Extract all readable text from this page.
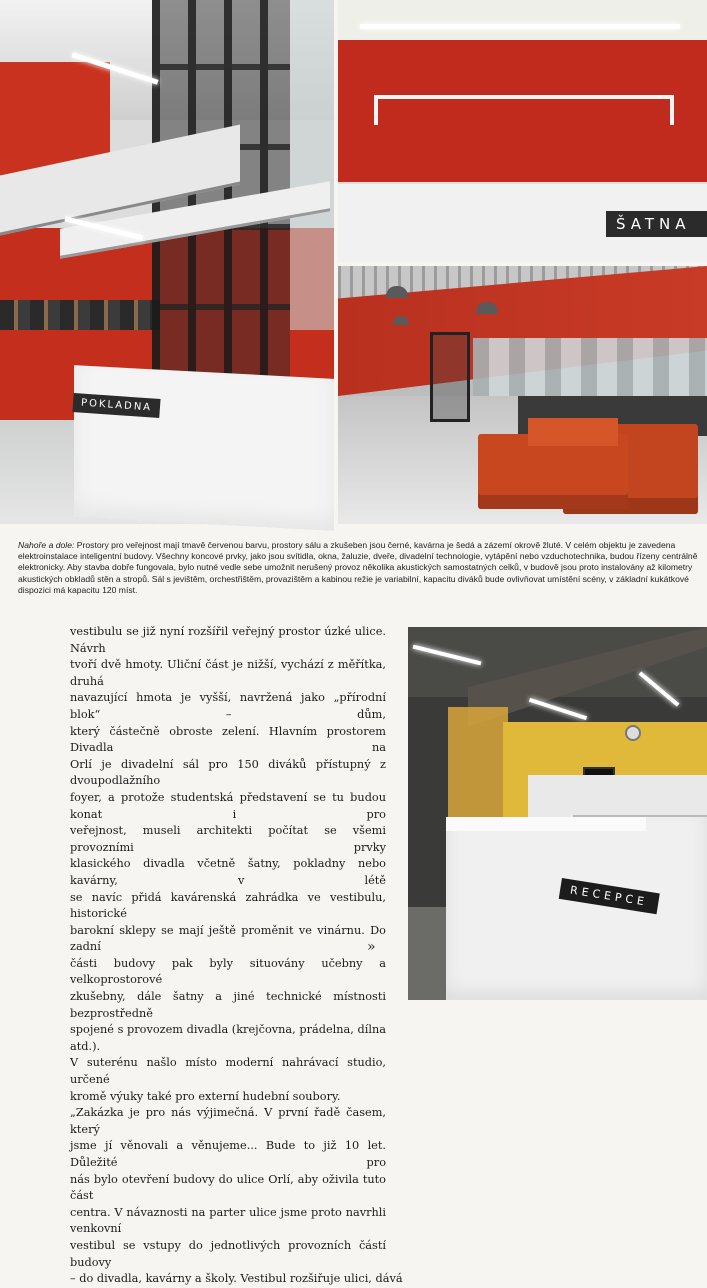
POKLADNA
ŠATNA
Nahoře a dole: Prostory pro veřejnost mají tmavě červenou barvu, prostory sálu a zkušeben jsou černé, kavárna je šedá a zázemí okrově žluté. V celém objektu je zavedena elektroinstalace inteligentní budovy. Všechny koncové prvky, jako jsou svítidla, okna, žaluzie, dveře, divadelní technologie, vytápění nebo vzduchotechnika, budou řízeny centrálně elektronicky. Aby stavba dobře fungovala, bylo nutné vedle sebe umožnit nerušený provoz několika akustických samostatných celků, v budově jsou proto instalovány až kilometry akustických obkladů stěn a stropů. Sál s jevištěm, orchestřištěm, provazištěm a kabinou režie je variabilní, kapacitu diváků bude ovlivňovat umístění scény, v základní kukátkové dispozici má kapacitu 120 míst.

vestibulu se již nyní rozšířil veřejný prostor úzké ulice. Návrh
tvoří dvě hmoty. Uliční část je nižší, vychází z měřítka, druhá
navazující hmota je vyšší, navržená jako „přírodní blok“ – dům,
který částečně obroste zelení. Hlavním prostorem Divadla na
Orlí je divadelní sál pro 150 diváků přístupný z dvoupodlažního
foyer, a protože studentská představení se tu budou konat i pro
veřejnost, museli architekti počítat se všemi provozními prvky
klasického divadla včetně šatny, pokladny nebo kavárny, v létě
se navíc přidá kavárenská zahrádka ve vestibulu, historické
barokní sklepy se mají ještě proměnit ve vinárnu. Do zadní
části budovy pak byly situovány učebny a velkoprostorové
zkušebny, dále šatny a jiné technické místnosti bezprostředně
spojené s provozem divadla (krejčovna, prádelna, dílna atd.).
V suterénu našlo místo moderní nahrávací studio, určené
kromě výuky také pro externí hudební soubory.

„Zakázka je pro nás výjimečná. V první řadě časem, který
jsme jí věnovali a věnujeme... Bude to již 10 let. Důležité pro
nás bylo otevření budovy do ulice Orlí, aby oživila tuto část
centra. V návaznosti na parter ulice jsme proto navrhli venkovní
vestibul se vstupy do jednotlivých provozních částí budovy
– do divadla, kavárny a školy. Vestibul rozšiřuje ulici, dává

»
RECEPCE
